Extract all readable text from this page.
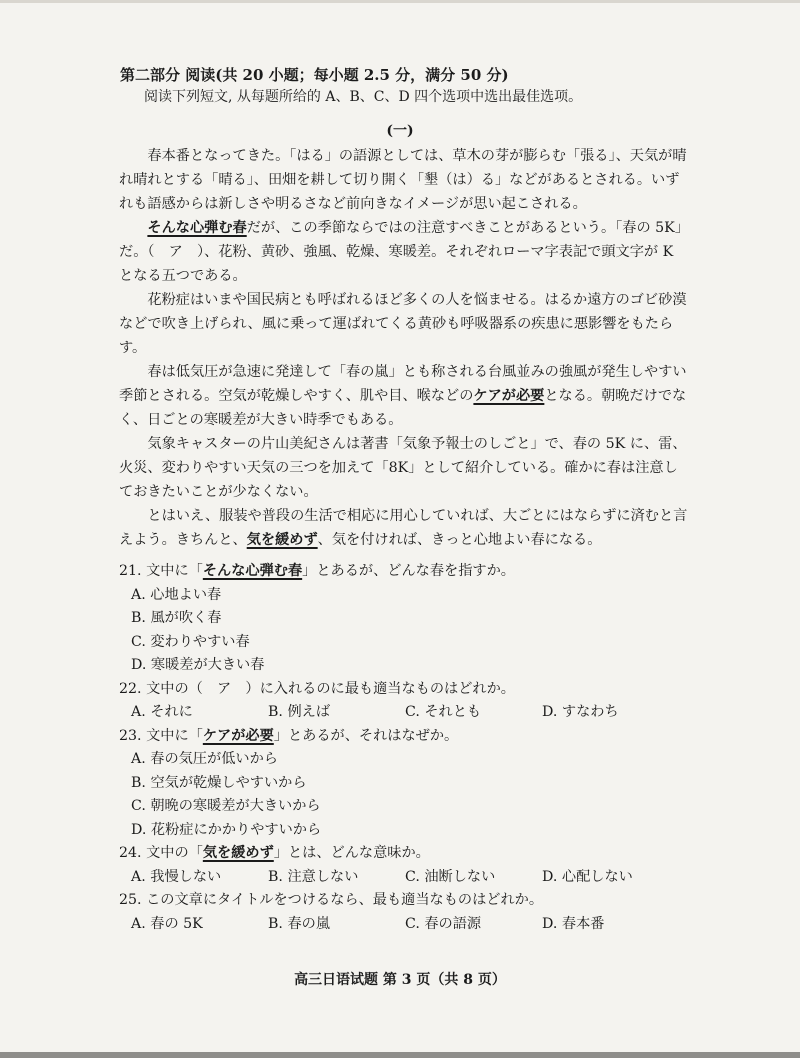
第二部分 阅读(共 20 小题；每小题 2.5 分，满分 50 分)
阅读下列短文, 从每题所给的 A、B、C、D 四个选项中选出最佳选项。
(一)

春本番となってきた。「はる」の語源としては、草木の芽が膨らむ「張る」、天気が晴れ晴れとする「晴る」、田畑を耕して切り開く「墾（は）る」などがあるとされる。いずれも語感からは新しさや明るさなど前向きなイメージが思い起こされる。

そんな心弾む春だが、この季節ならではの注意すべきことがあるという。「春の 5K」だ。（　ア　）、花粉、黄砂、強風、乾燥、寒暖差。それぞれローマ字表記で頭文字が K となる五つである。

花粉症はいまや国民病とも呼ばれるほど多くの人を悩ませる。はるか遠方のゴビ砂漠などで吹き上げられ、風に乗って運ばれてくる黄砂も呼吸器系の疾患に悪影響をもたらす。

春は低気圧が急速に発達して「春の嵐」とも称される台風並みの強風が発生しやすい季節とされる。空気が乾燥しやすく、肌や目、喉などのケアが必要となる。朝晩だけでなく、日ごとの寒暖差が大きい時季でもある。

気象キャスターの片山美紀さんは著書「気象予報士のしごと」で、春の 5K に、雷、火災、変わりやすい天気の三つを加えて「8K」として紹介している。確かに春は注意しておきたいことが少なくない。

とはいえ、服装や普段の生活で相応に用心していれば、大ごとにはならずに済むと言えよう。きちんと、気を緩めず、気を付ければ、きっと心地よい春になる。

21. 文中に「そんな心弾む春」とあるが、どんな春を指すか。
A. 心地よい春
B. 風が吹く春
C. 変わりやすい春
D. 寒暖差が大きい春
22. 文中の（　ア　）に入れるのに最も適当なものはどれか。
A. それに	B. 例えば	C. それとも	D. すなわち
23. 文中に「ケアが必要」とあるが、それはなぜか。
A. 春の気圧が低いから
B. 空気が乾燥しやすいから
C. 朝晩の寒暖差が大きいから
D. 花粉症にかかりやすいから
24. 文中の「気を緩めず」とは、どんな意味か。
A. 我慢しない	B. 注意しない	C. 油断しない	D. 心配しない
25. この文章にタイトルをつけるなら、最も適当なものはどれか。
A. 春の 5K	B. 春の嵐	C. 春の語源	D. 春本番
高三日语试题 第 3 页（共 8 页）
